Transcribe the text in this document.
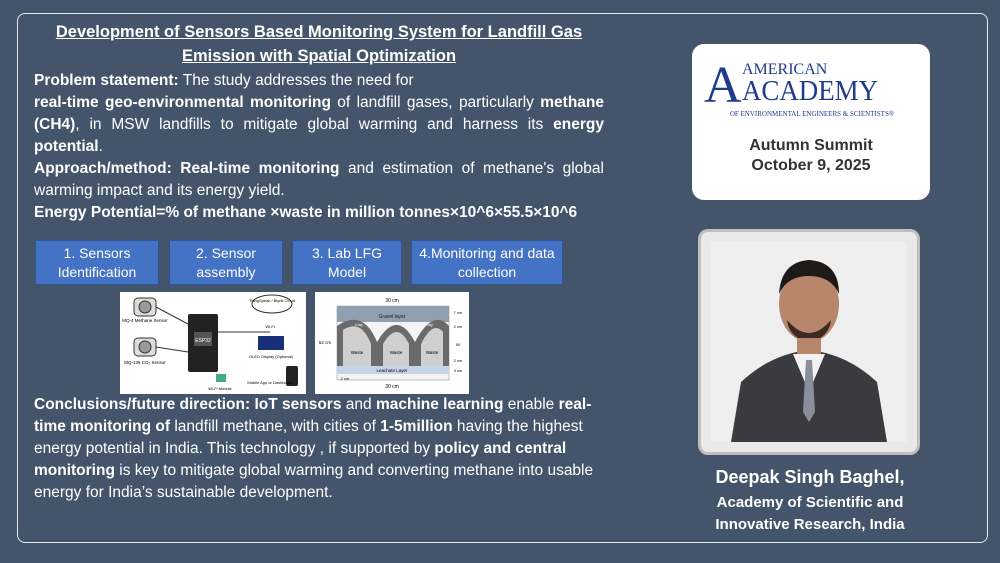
Development of Sensors Based Monitoring System for Landfill Gas
Emission with Spatial Optimization
Problem statement: The study addresses the need for
real-time geo-environmental monitoring of landfill gases, particularly methane (CH4), in MSW landfills to mitigate global warming and harness its energy potential.
Approach/method: Real-time monitoring and estimation of methane's global warming impact and its energy yield.
Energy Potential=% of methane ×waste in million tonnes×10^6×55.5×10^6
1. Sensors Identification
2. Sensor assembly
3. Lab LFG Model
4.Monitoring and data collection
MQ-4 Methane Sensor
MQ-135 CO₂ Sensor
ESP32
ThingSpeak / Blynk Cloud
Wi-Fi
OLED Display (Optional)
Mobile App or Dashboard
Wi-Fi Module
30 cm
Gravel layer
Clay	Clay
Waste	Waste	Waste
Leachate Layer
62 cm
7 cm
2 cm
50
2 cm
3 cm
2 cm
30 cm
Conclusions/future direction: IoT sensors and machine learning enable real-time monitoring of landfill methane, with cities of 1-5million having the highest energy potential in India. This technology , if supported by policy and central monitoring is key to mitigate global warming and converting methane into usable energy for India’s sustainable development.
A AMERICAN
ACADEMY
OF ENVIRONMENTAL ENGINEERS & SCIENTISTS®
Autumn Summit
October 9, 2025
Deepak Singh Baghel,
Academy of Scientific and
Innovative Research, India
